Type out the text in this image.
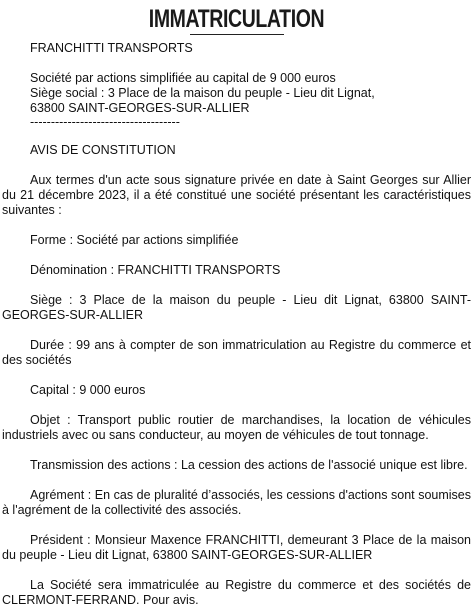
IMMATRICULATION
FRANCHITTI TRANSPORTS
Société par actions simplifiée au capital de 9 000 euros
Siège social : 3 Place de la maison du peuple - Lieu dit Lignat,
63800 SAINT-GEORGES-SUR-ALLIER
------------------------------------
AVIS DE CONSTITUTION

Aux termes d'un acte sous signature privée en date à Saint Georges sur Allier du 21 décembre 2023, il a été constitué une société présentant les caractéristiques suivantes :

Forme : Société par actions simplifiée

Dénomination : FRANCHITTI TRANSPORTS

Siège : 3 Place de la maison du peuple - Lieu dit Lignat, 63800 SAINT-GEORGES-SUR-ALLIER

Durée : 99 ans à compter de son immatriculation au Registre du commerce et des sociétés

Capital : 9 000 euros

Objet : Transport public routier de marchandises, la location de véhicules industriels avec ou sans conducteur, au moyen de véhicules de tout tonnage.

Transmission des actions : La cession des actions de l'associé unique est libre.

Agrément : En cas de pluralité d’associés, les cessions d'actions sont soumises à l'agrément de la collectivité des associés.

Président : Monsieur Maxence FRANCHITTI, demeurant 3 Place de la maison du peuple - Lieu dit Lignat, 63800 SAINT-GEORGES-SUR-ALLIER

La Société sera immatriculée au Registre du commerce et des sociétés de CLERMONT-FERRAND. Pour avis.
